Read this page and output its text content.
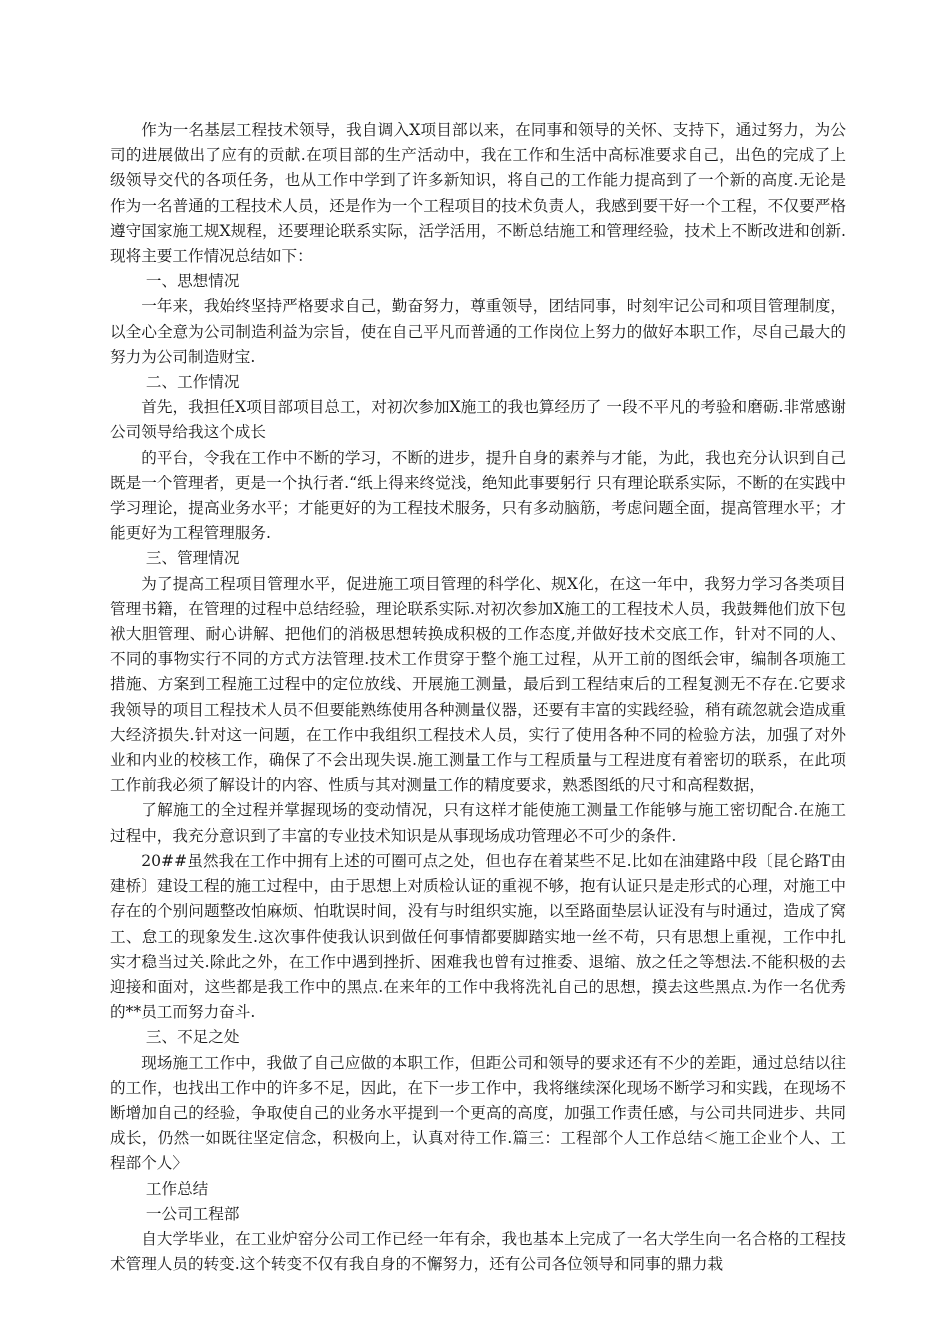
作为一名基层工程技术领导，我自调入X项目部以来，在同事和领导的关怀、支持下，通过努力，为公司的进展做出了应有的贡献.在项目部的生产活动中，我在工作和生活中高标准要求自己，出色的完成了上级领导交代的各项任务，也从工作中学到了许多新知识，将自己的工作能力提高到了一个新的高度.无论是作为一名普通的工程技术人员，还是作为一个工程项目的技术负责人，我感到要干好一个工程，不仅要严格遵守国家施工规X规程，还要理论联系实际，活学活用，不断总结施工和管理经验，技术上不断改进和创新.现将主要工作情况总结如下：

一、思想情况

一年来，我始终坚持严格要求自己，勤奋努力，尊重领导，团结同事，时刻牢记公司和项目管理制度，以全心全意为公司制造利益为宗旨，使在自己平凡而普通的工作岗位上努力的做好本职工作，尽自己最大的努力为公司制造财宝.

二、工作情况

首先，我担任X项目部项目总工，对初次参加X施工的我也算经历了 一段不平凡的考验和磨砺.非常感谢公司领导给我这个成长

的平台，令我在工作中不断的学习，不断的进步，提升自身的素养与才能，为此，我也充分认识到自己既是一个管理者，更是一个执行者.“纸上得来终觉浅，绝知此事要躬行 只有理论联系实际，不断的在实践中学习理论，提高业务水平；才能更好的为工程技术服务，只有多动脑筋，考虑问题全面，提高管理水平；才能更好为工程管理服务.

三、管理情况

为了提高工程项目管理水平，促进施工项目管理的科学化、规X化，在这一年中，我努力学习各类项目管理书籍，在管理的过程中总结经验，理论联系实际.对初次参加X施工的工程技术人员，我鼓舞他们放下包袱大胆管理、耐心讲解、把他们的消极思想转换成积极的工作态度,并做好技术交底工作，针对不同的人、不同的事物实行不同的方式方法管理.技术工作贯穿于整个施工过程，从开工前的图纸会审，编制各项施工措施、方案到工程施工过程中的定位放线、开展施工测量，最后到工程结束后的工程复测无不存在.它要求我领导的项目工程技术人员不但要能熟练使用各种测量仪器，还要有丰富的实践经验，稍有疏忽就会造成重大经济损失.针对这一问题，在工作中我组织工程技术人员，实行了使用各种不同的检验方法，加强了对外业和内业的校核工作，确保了不会出现失误.施工测量工作与工程质量与工程进度有着密切的联系，在此项工作前我必须了解设计的内容、性质与其对测量工作的精度要求，熟悉图纸的尺寸和高程数据，

了解施工的全过程并掌握现场的变动情况，只有这样才能使施工测量工作能够与施工密切配合.在施工过程中，我充分意识到了丰富的专业技术知识是从事现场成功管理必不可少的条件.

20##虽然我在工作中拥有上述的可圈可点之处，但也存在着某些不足.比如在油建路中段〔昆仑路T由建桥〕建设工程的施工过程中，由于思想上对质检认证的重视不够，抱有认证只是走形式的心理，对施工中存在的个别问题整改怕麻烦、怕耽误时间，没有与时组织实施，以至路面垫层认证没有与时通过，造成了窝工、怠工的现象发生.这次事件使我认识到做任何事情都要脚踏实地一丝不苟，只有思想上重视，工作中扎实才稳当过关.除此之外，在工作中遇到挫折、困难我也曾有过推委、退缩、放之任之等想法.不能积极的去迎接和面对，这些都是我工作中的黑点.在来年的工作中我将洗礼自己的思想，摸去这些黑点.为作一名优秀的**员工而努力奋斗.

三、不足之处

现场施工工作中，我做了自己应做的本职工作，但距公司和领导的要求还有不少的差距，通过总结以往的工作，也找出工作中的许多不足，因此，在下一步工作中，我将继续深化现场不断学习和实践，在现场不断增加自己的经验，争取使自己的业务水平提到一个更高的高度，加强工作责任感，与公司共同进步、共同成长，仍然一如既往坚定信念，积极向上，认真对待工作.篇三：工程部个人工作总结＜施工企业个人、工程部个人〉

工作总结

一公司工程部

自大学毕业，在工业炉窑分公司工作已经一年有余，我也基本上完成了一名大学生向一名合格的工程技术管理人员的转变.这个转变不仅有我自身的不懈努力，还有公司各位领导和同事的鼎力栽
